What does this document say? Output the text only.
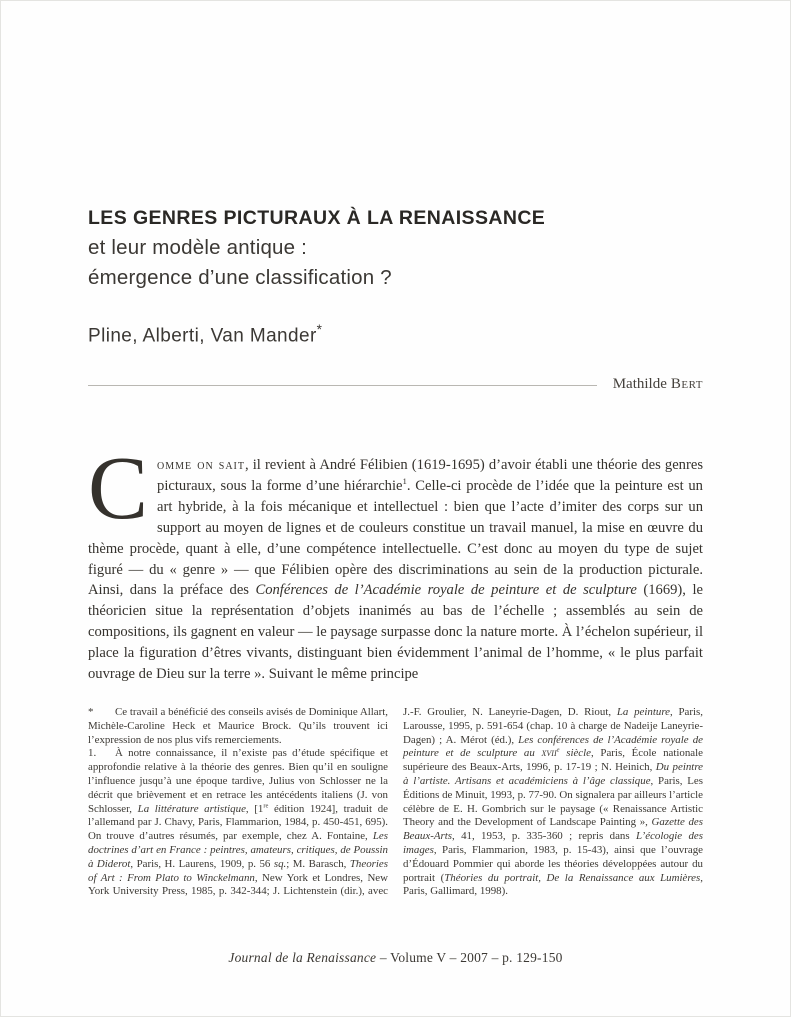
LES GENRES PICTURAUX À LA RENAISSANCE
et leur modèle antique :
émergence d’une classification ?
Pline, Alberti, Van Mander*
Mathilde Bert

Comme on sait, il revient à André Félibien (1619-1695) d’avoir établi une théorie des genres picturaux, sous la forme d’une hiérarchie$^1$. Celle-ci procède de l’idée que la peinture est un art hybride, à la fois mécanique et intellectuel : bien que l’acte d’imiter des corps sur un support au moyen de lignes et de couleurs constitue un travail manuel, la mise en œuvre du thème procède, quant à elle, d’une compétence intellectuelle. C’est donc au moyen du type de sujet figuré — du « genre » — que Félibien opère des discriminations au sein de la production picturale. Ainsi, dans la préface des Conférences de l’Académie royale de peinture et de sculpture (1669), le théoricien situe la représentation d’objets inanimés au bas de l’échelle ; assemblés au sein de compositions, ils gagnent en valeur — le paysage surpasse donc la nature morte. À l’échelon supérieur, il place la figuration d’êtres vivants, distinguant bien évidemment l’animal de l’homme, « le plus parfait ouvrage de Dieu sur la terre ». Suivant le même principe

* Ce travail a bénéficié des conseils avisés de Dominique Allart, Michèle-Caroline Heck et Maurice Brock. Qu’ils trouvent ici l’expression de nos plus vifs remerciements.

1. À notre connaissance, il n’existe pas d’étude spécifique et approfondie relative à la théorie des genres. Bien qu’il en souligne l’influence jusqu’à une époque tardive, Julius von Schlosser ne la décrit que brièvement et en retrace les antécédents italiens (J. von Schlosser, La littérature artistique, [1re édition 1924], traduit de l’allemand par J. Chavy, Paris, Flammarion, 1984, p. 450-451, 695). On trouve d’autres résumés, par exemple, chez A. Fontaine, Les doctrines d’art en France : peintres, amateurs, critiques, de Poussin à Diderot, Paris, H. Laurens, 1909, p. 56 sq.; M. Barasch, Theories of Art : From Plato to Winckelmann, New York et Londres, New York University Press, 1985, p. 342-344; J. Lichtenstein (dir.), avec J.-F. Groulier, N. Laneyrie-Dagen, D. Riout, La peinture, Paris, Larousse, 1995, p. 591-654 (chap. 10 à charge de Nadeije Laneyrie-Dagen) ; A. Mérot (éd.), Les conférences de l’Académie royale de peinture et de sculpture au xvii$^e$ siècle, Paris, École nationale supérieure des Beaux-Arts, 1996, p. 17-19 ; N. Heinich, Du peintre à l’artiste. Artisans et académiciens à l’âge classique, Paris, Les Éditions de Minuit, 1993, p. 77-90. On signalera par ailleurs l’article célèbre de E. H. Gombrich sur le paysage (« Renaissance Artistic Theory and the Development of Landscape Painting », Gazette des Beaux-Arts, 41, 1953, p. 335-360 ; repris dans L’écologie des images, Paris, Flammarion, 1983, p. 15-43), ainsi que l’ouvrage d’Édouard Pommier qui aborde les théories développées autour du portrait (Théories du portrait, De la Renaissance aux Lumières, Paris, Gallimard, 1998).

Journal de la Renaissance – Volume V – 2007 – p. 129-150
